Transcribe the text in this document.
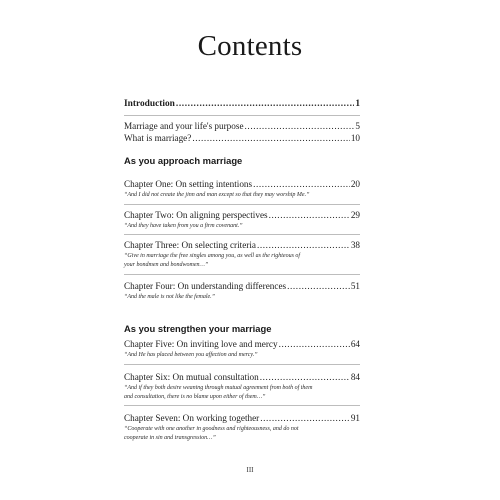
Contents
Introduction .....	1
Marriage and your life's purpose .....	5
What is marriage? .....	10
As you approach marriage
Chapter One: On setting intentions .....	20
“And I did not create the jinn and man except so that they may worship Me.”
Chapter Two: On aligning perspectives .....	29
“And they have taken from you a firm covenant.”
Chapter Three: On selecting criteria .....	38
“Give in marriage the free singles among you, as well as the righteous of
your bondmen and bondwomen…”
Chapter Four: On understanding differences .....	51
“And the male is not like the female.”
As you strengthen your marriage
Chapter Five: On inviting love and mercy .....	64
“And He has placed between you affection and mercy.”
Chapter Six: On mutual consultation .....	84
“And if they both desire weaning through mutual agreement from both of them
and consultation, there is no blame upon either of them…”
Chapter Seven: On working together .....	91
“Cooperate with one another in goodness and righteousness, and do not
cooperate in sin and transgression…”
III
